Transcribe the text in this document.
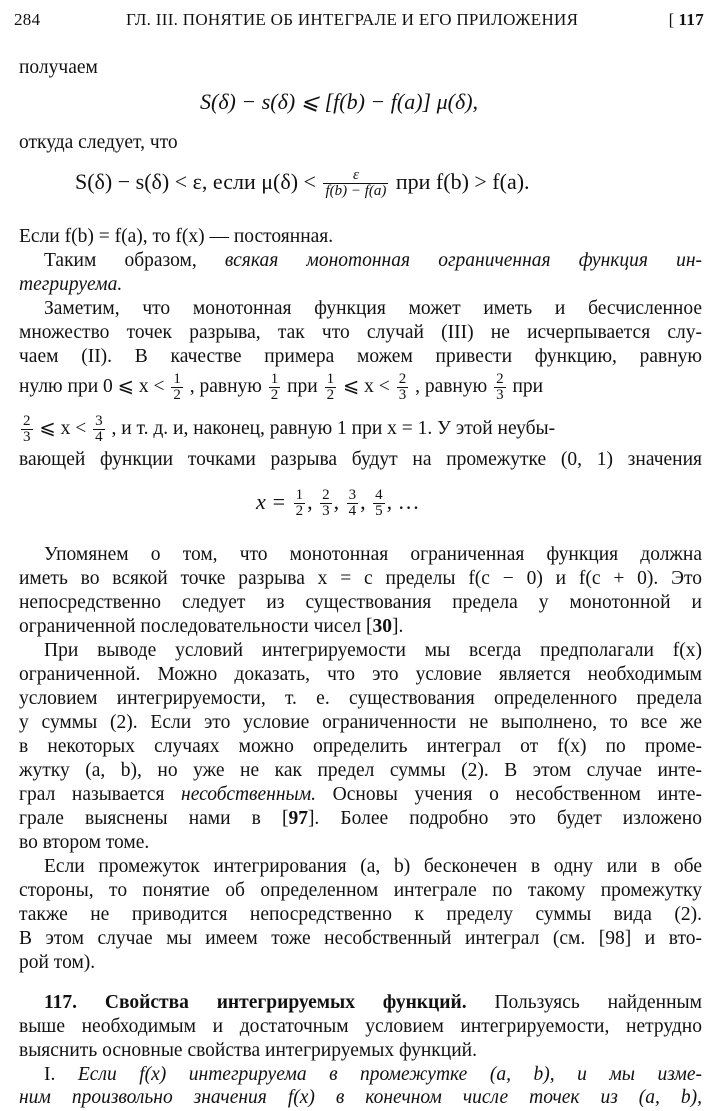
284	ГЛ. III. ПОНЯТИЕ ОБ ИНТЕГРАЛЕ И ЕГО ПРИЛОЖЕНИЯ
[	117
получаем
S(δ) − s(δ) ⩽ [f(b) − f(a)] μ(δ),
откуда следует, что
S(δ) − s(δ) < ε, если $\mu(\delta) < \frac{\varepsilon}{f(b) - f(a)}$ при f(b) > f(a).
Если f(b) = f(a), то f(x) — постоянная.
Таким образом, всякая монотонная ограниченная функция ин-
тегрируема.
Заметим, что монотонная функция может иметь и бесчисленное
множество точек разрыва, так что случай (III) не исчерпывается слу-
чаем (II). В качестве примера можем привести функцию, равную
нулю при 0 ⩽ $x < \frac{1}{2}$ , равную $\frac{1}{2}$ при $\frac{1}{2}$ ⩽ $x < \frac{2}{3}$ , равную $\frac{2}{3}$ при
$\frac{2}{3}$ ⩽ $x < \frac{3}{4}$ , и т. д. и, наконец, равную 1 при x = 1. У этой неубы-
вающей функции точками разрыва будут на промежутке (0, 1) значения
$x = \frac{1}{2}$ , $\frac{2}{3}$ , $\frac{3}{4}$ , $\frac{4}{5}$ , …
Упомянем о том, что монотонная ограниченная функция должна
иметь во всякой точке разрыва x = c пределы f(c − 0) и f(c + 0). Это
непосредственно следует из существования предела у монотонной и
ограниченной последовательности чисел [30].
При выводе условий интегрируемости мы всегда предполагали f(x)
ограниченной. Можно доказать, что это условие является необходимым
условием интегрируемости, т. е. существования определенного предела
у суммы (2). Если это условие ограниченности не выполнено, то все же
в некоторых случаях можно определить интеграл от f(x) по проме-
жутку (a, b), но уже не как предел суммы (2). В этом случае инте-
грал называется несобственным. Основы учения о несобственном инте-
грале выяснены нами в [97]. Более подробно это будет изложено
во втором томе.
Если промежуток интегрирования (a, b) бесконечен в одну или в обе
стороны, то понятие об определенном интеграле по такому промежутку
также не приводится непосредственно к пределу суммы вида (2).
В этом случае мы имеем тоже несобственный интеграл (см. [98] и вто-
рой том).
117. Свойства интегрируемых функций. Пользуясь найденным
выше необходимым и достаточным условием интегрируемости, нетрудно
выяснить основные свойства интегрируемых функций.
I. Если f(x) интегрируема в промежутке (a, b), и мы изме-
ним произвольно значения f(x) в конечном числе точек из (a, b),
